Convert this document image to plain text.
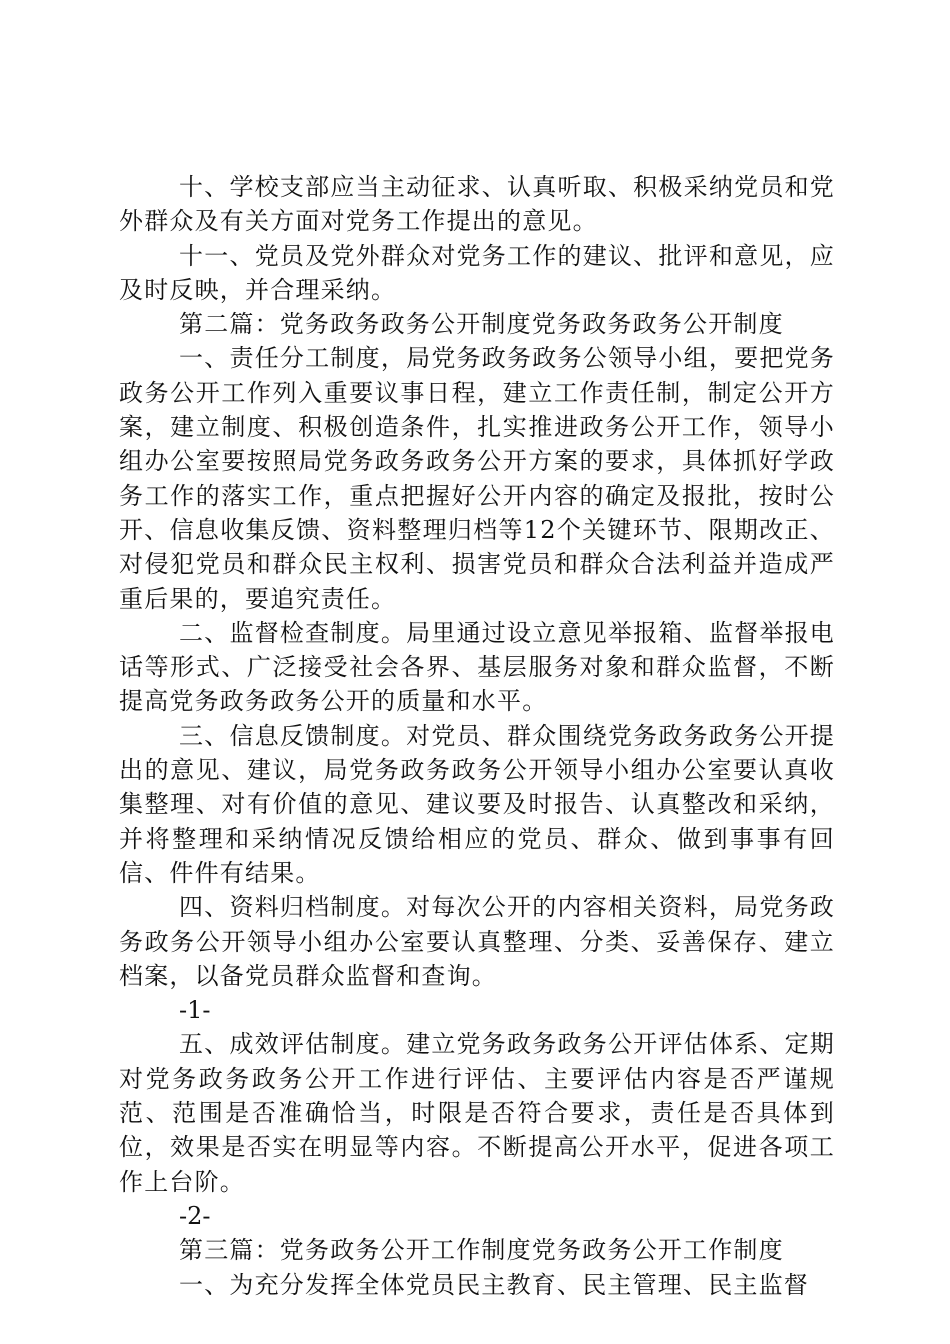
十、学校支部应当主动征求、认真听取、积极采纳党员和党外群众及有关方面对党务工作提出的意见。

十一、党员及党外群众对党务工作的建议、批评和意见，应及时反映，并合理采纳。

第二篇：党务政务政务公开制度党务政务政务公开制度

一、责任分工制度，局党务政务政务公领导小组，要把党务政务公开工作列入重要议事日程，建立工作责任制，制定公开方案，建立制度、积极创造条件，扎实推进政务公开工作，领导小组办公室要按照局党务政务政务公开方案的要求，具体抓好学政务工作的落实工作，重点把握好公开内容的确定及报批，按时公开、信息收集反馈、资料整理归档等12个关键环节、限期改正、对侵犯党员和群众民主权利、损害党员和群众合法利益并造成严重后果的，要追究责任。

二、监督检查制度。局里通过设立意见举报箱、监督举报电话等形式、广泛接受社会各界、基层服务对象和群众监督，不断提高党务政务政务公开的质量和水平。

三、信息反馈制度。对党员、群众围绕党务政务政务公开提出的意见、建议，局党务政务政务公开领导小组办公室要认真收集整理、对有价值的意见、建议要及时报告、认真整改和采纳，并将整理和采纳情况反馈给相应的党员、群众、做到事事有回信、件件有结果。

四、资料归档制度。对每次公开的内容相关资料，局党务政务政务公开领导小组办公室要认真整理、分类、妥善保存、建立档案，以备党员群众监督和查询。

-1-

五、成效评估制度。建立党务政务政务公开评估体系、定期对党务政务政务公开工作进行评估、主要评估内容是否严谨规范、范围是否准确恰当，时限是否符合要求，责任是否具体到位，效果是否实在明显等内容。不断提高公开水平，促进各项工作上台阶。

-2-

第三篇：党务政务公开工作制度党务政务公开工作制度

一、为充分发挥全体党员民主教育、民主管理、民主监督
